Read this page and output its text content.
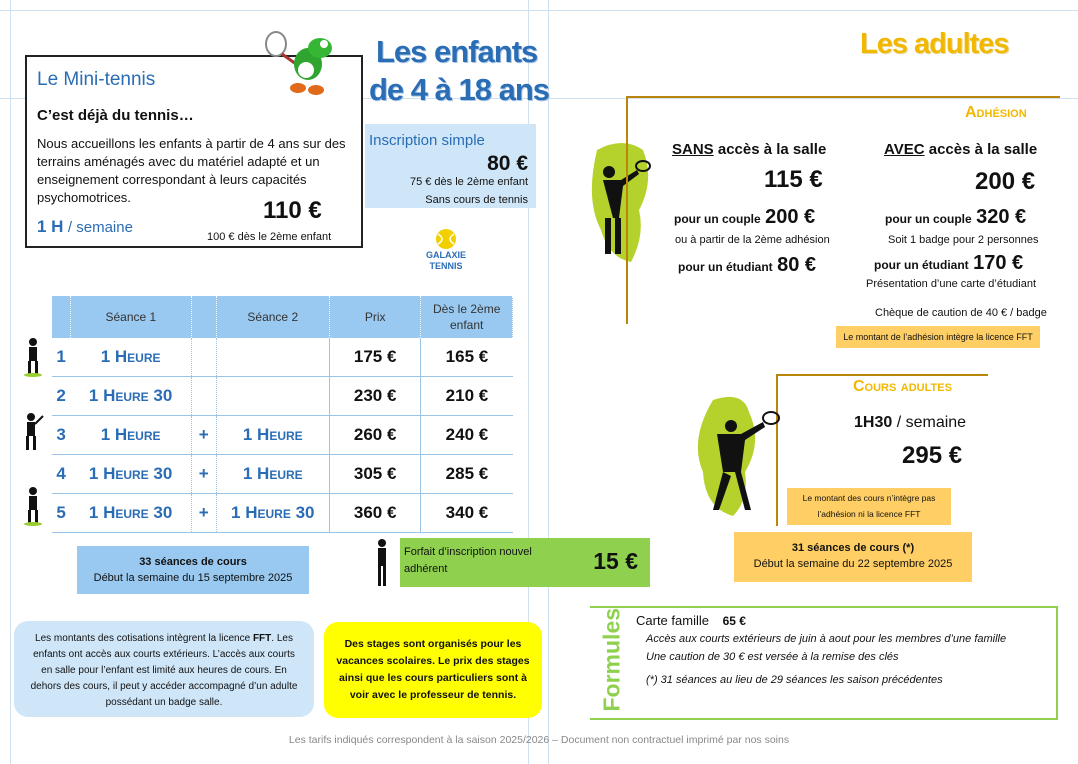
Le Mini-tennis
C’est déjà du tennis…
Nous accueillons les enfants à partir de 4 ans sur des terrains aménagés avec du matériel adapté et un enseignement correspondant à leurs capacités psychomotrices.
1 H / semaine
110 €
100 € dès le 2ème enfant
Les enfants
de 4 à 18 ans
Inscription simple
80 €
75 € dès le 2ème enfant
Sans cours de tennis
GALAXIE
TENNIS
	Séance 1		Séance 2	Prix	Dès le 2ème enfant
1	1 Heure			175 €	165 €
2	1 Heure 30			230 €	210 €
3	1 Heure	+	1 Heure	260 €	240 €
4	1 Heure 30	+	1 Heure	305 €	285 €
5	1 Heure 30	+	1 Heure 30	360 €	340 €
33 séances de cours
Début la semaine du 15 septembre 2025
Forfait d’inscription nouvel adhérent	15 €
Les montants des cotisations intègrent la licence FFT. Les enfants ont accès aux courts extérieurs. L’accès aux courts en salle pour l’enfant est limité aux heures de cours. En dehors des cours, il peut y accéder accompagné d’un adulte possédant un badge salle.
Des stages sont organisés pour les vacances scolaires. Le prix des stages ainsi que les cours particuliers sont à voir avec le professeur de tennis.
Les adultes
Adhésion
SANS accès à la salle
115 €
pour un couple 200 €
ou à partir de la 2ème adhésion
pour un étudiant 80 €
AVEC accès à la salle
200 €
pour un couple 320 €
Soit 1 badge pour 2 personnes
pour un étudiant 170 €
Présentation d’une carte d’étudiant
Chèque de caution de 40 € / badge
Le montant de l’adhésion intègre la licence FFT
Cours adultes
1H30 / semaine
295 €
Le montant des cours n’intègre pas l’adhésion ni la licence FFT
31 séances de cours (*)
Début la semaine du 22 septembre 2025
Formules Carte famille 65 €
Accès aux courts extérieurs de juin à aout pour les membres d’une famille
Une caution de 30 € est versée à la remise des clés
(*) 31 séances au lieu de 29 séances les saison précédentes
Les tarifs indiqués correspondent à la saison 2025/2026 – Document non contractuel imprimé par nos soins
